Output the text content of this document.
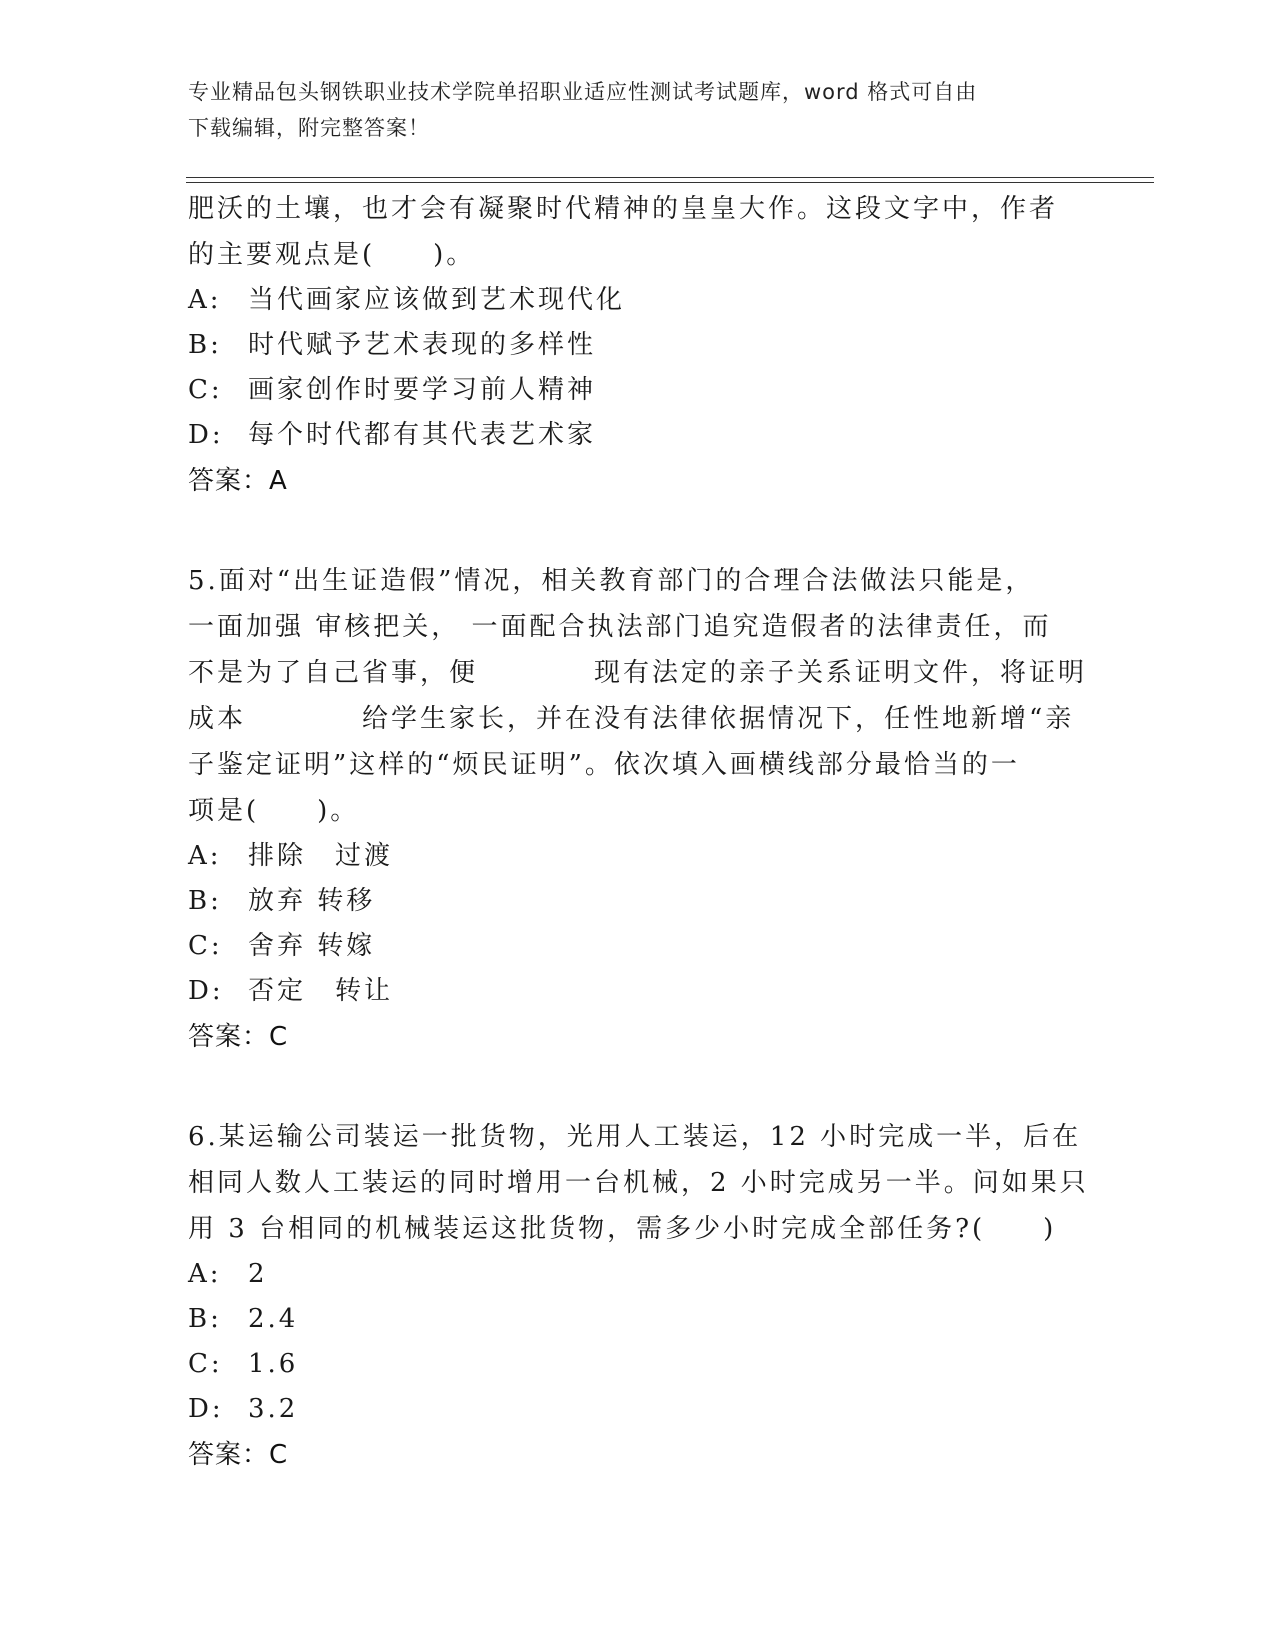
专业精品包头钢铁职业技术学院单招职业适应性测试考试题库，word 格式可自由
下载编辑，附完整答案！
肥沃的土壤，也才会有凝聚时代精神的皇皇大作。这段文字中，作者
的主要观点是(　　)。
A:	当代画家应该做到艺术现代化
B:	时代赋予艺术表现的多样性
C: 画家创作时要学习前人精神
D: 每个时代都有其代表艺术家
答案：A
5.面对“出生证造假”情况，相关教育部门的合理合法做法只能是，
一面加强 审核把关， 一面配合执法部门追究造假者的法律责任，而
不是为了自己省事，便　　　　现有法定的亲子关系证明文件，将证明
成本　　　　给学生家长，并在没有法律依据情况下，任性地新增“亲
子鉴定证明”这样的“烦民证明”。依次填入画横线部分最恰当的一
项是(　　)。
A:	排除　过渡
B:	放弃 转移
C: 舍弃 转嫁
D: 否定　转让
答案：C
6.某运输公司装运一批货物，光用人工装运，12 小时完成一半，后在
相同人数人工装运的同时增用一台机械，2 小时完成另一半。问如果只
用 3 台相同的机械装运这批货物，需多少小时完成全部任务?(　　)
A:	2
B:	2.4
C: 1.6
D: 3.2
答案：C
